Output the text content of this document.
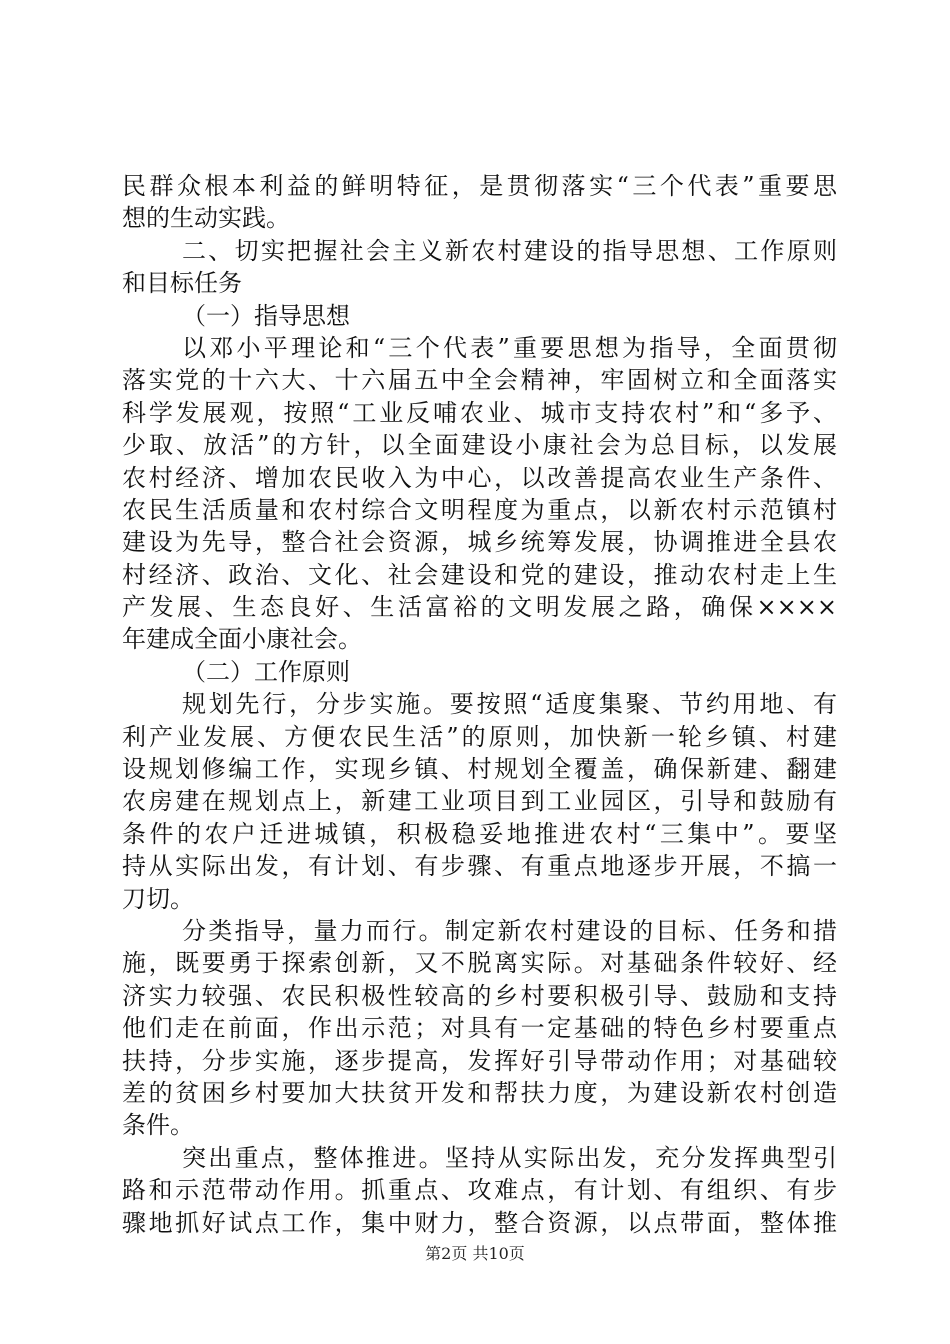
民群众根本利益的鲜明特征，是贯彻落实“三个代表”重要思
想的生动实践。
二、切实把握社会主义新农村建设的指导思想、工作原则
和目标任务
（一）指导思想
以邓小平理论和“三个代表”重要思想为指导，全面贯彻
落实党的十六大、十六届五中全会精神，牢固树立和全面落实
科学发展观，按照“工业反哺农业、城市支持农村”和“多予、
少取、放活”的方针，以全面建设小康社会为总目标，以发展
农村经济、增加农民收入为中心，以改善提高农业生产条件、
农民生活质量和农村综合文明程度为重点，以新农村示范镇村
建设为先导，整合社会资源，城乡统筹发展，协调推进全县农
村经济、政治、文化、社会建设和党的建设，推动农村走上生
产发展、生态良好、生活富裕的文明发展之路，确保××××
年建成全面小康社会。
（二）工作原则
规划先行，分步实施。要按照“适度集聚、节约用地、有
利产业发展、方便农民生活”的原则，加快新一轮乡镇、村建
设规划修编工作，实现乡镇、村规划全覆盖，确保新建、翻建
农房建在规划点上，新建工业项目到工业园区，引导和鼓励有
条件的农户迁进城镇，积极稳妥地推进农村“三集中”。要坚
持从实际出发，有计划、有步骤、有重点地逐步开展，不搞一
刀切。
分类指导，量力而行。制定新农村建设的目标、任务和措
施，既要勇于探索创新，又不脱离实际。对基础条件较好、经
济实力较强、农民积极性较高的乡村要积极引导、鼓励和支持
他们走在前面，作出示范；对具有一定基础的特色乡村要重点
扶持，分步实施，逐步提高，发挥好引导带动作用；对基础较
差的贫困乡村要加大扶贫开发和帮扶力度，为建设新农村创造
条件。
突出重点，整体推进。坚持从实际出发，充分发挥典型引
路和示范带动作用。抓重点、攻难点，有计划、有组织、有步
骤地抓好试点工作，集中财力，整合资源，以点带面，整体推
第2页 共10页
